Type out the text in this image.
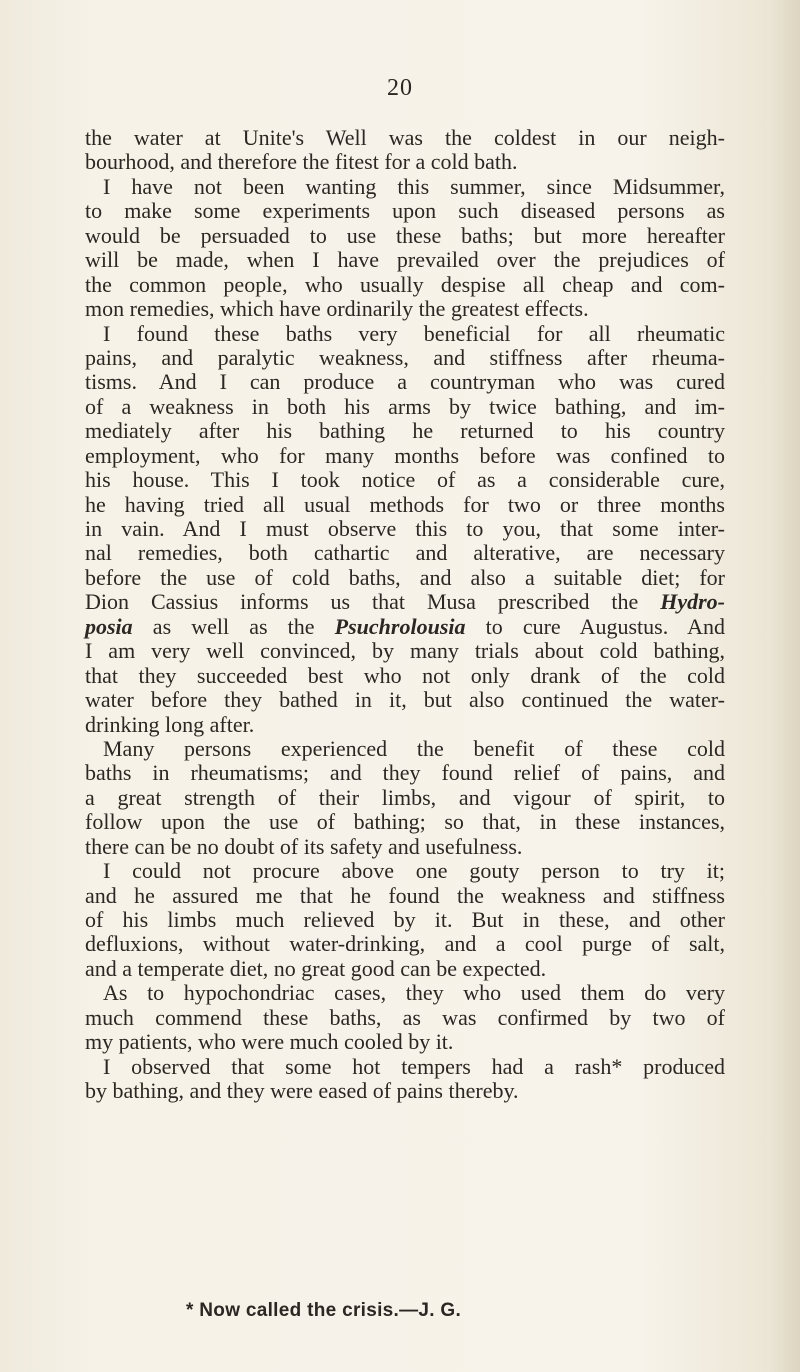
20
the water at Unite's Well was the coldest in our neigh-
bourhood, and therefore the fitest for a cold bath.
I have not been wanting this summer, since Midsummer,
to make some experiments upon such diseased persons as
would be persuaded to use these baths; but more hereafter
will be made, when I have prevailed over the prejudices of
the common people, who usually despise all cheap and com-
mon remedies, which have ordinarily the greatest effects.
I found these baths very beneficial for all rheumatic
pains, and paralytic weakness, and stiffness after rheuma-
tisms. And I can produce a countryman who was cured
of a weakness in both his arms by twice bathing, and im-
mediately after his bathing he returned to his country
employment, who for many months before was confined to
his house. This I took notice of as a considerable cure,
he having tried all usual methods for two or three months
in vain. And I must observe this to you, that some inter-
nal remedies, both cathartic and alterative, are necessary
before the use of cold baths, and also a suitable diet; for
Dion Cassius informs us that Musa prescribed the Hydro-
posia as well as the Psuchrolousia to cure Augustus. And
I am very well convinced, by many trials about cold bathing,
that they succeeded best who not only drank of the cold
water before they bathed in it, but also continued the water-
drinking long after.
Many persons experienced the benefit of these cold
baths in rheumatisms; and they found relief of pains, and
a great strength of their limbs, and vigour of spirit, to
follow upon the use of bathing; so that, in these instances,
there can be no doubt of its safety and usefulness.
I could not procure above one gouty person to try it;
and he assured me that he found the weakness and stiffness
of his limbs much relieved by it. But in these, and other
defluxions, without water-drinking, and a cool purge of salt,
and a temperate diet, no great good can be expected.
As to hypochondriac cases, they who used them do very
much commend these baths, as was confirmed by two of
my patients, who were much cooled by it.
I observed that some hot tempers had a rash* produced
by bathing, and they were eased of pains thereby.
* Now called the crisis.—J. G.
